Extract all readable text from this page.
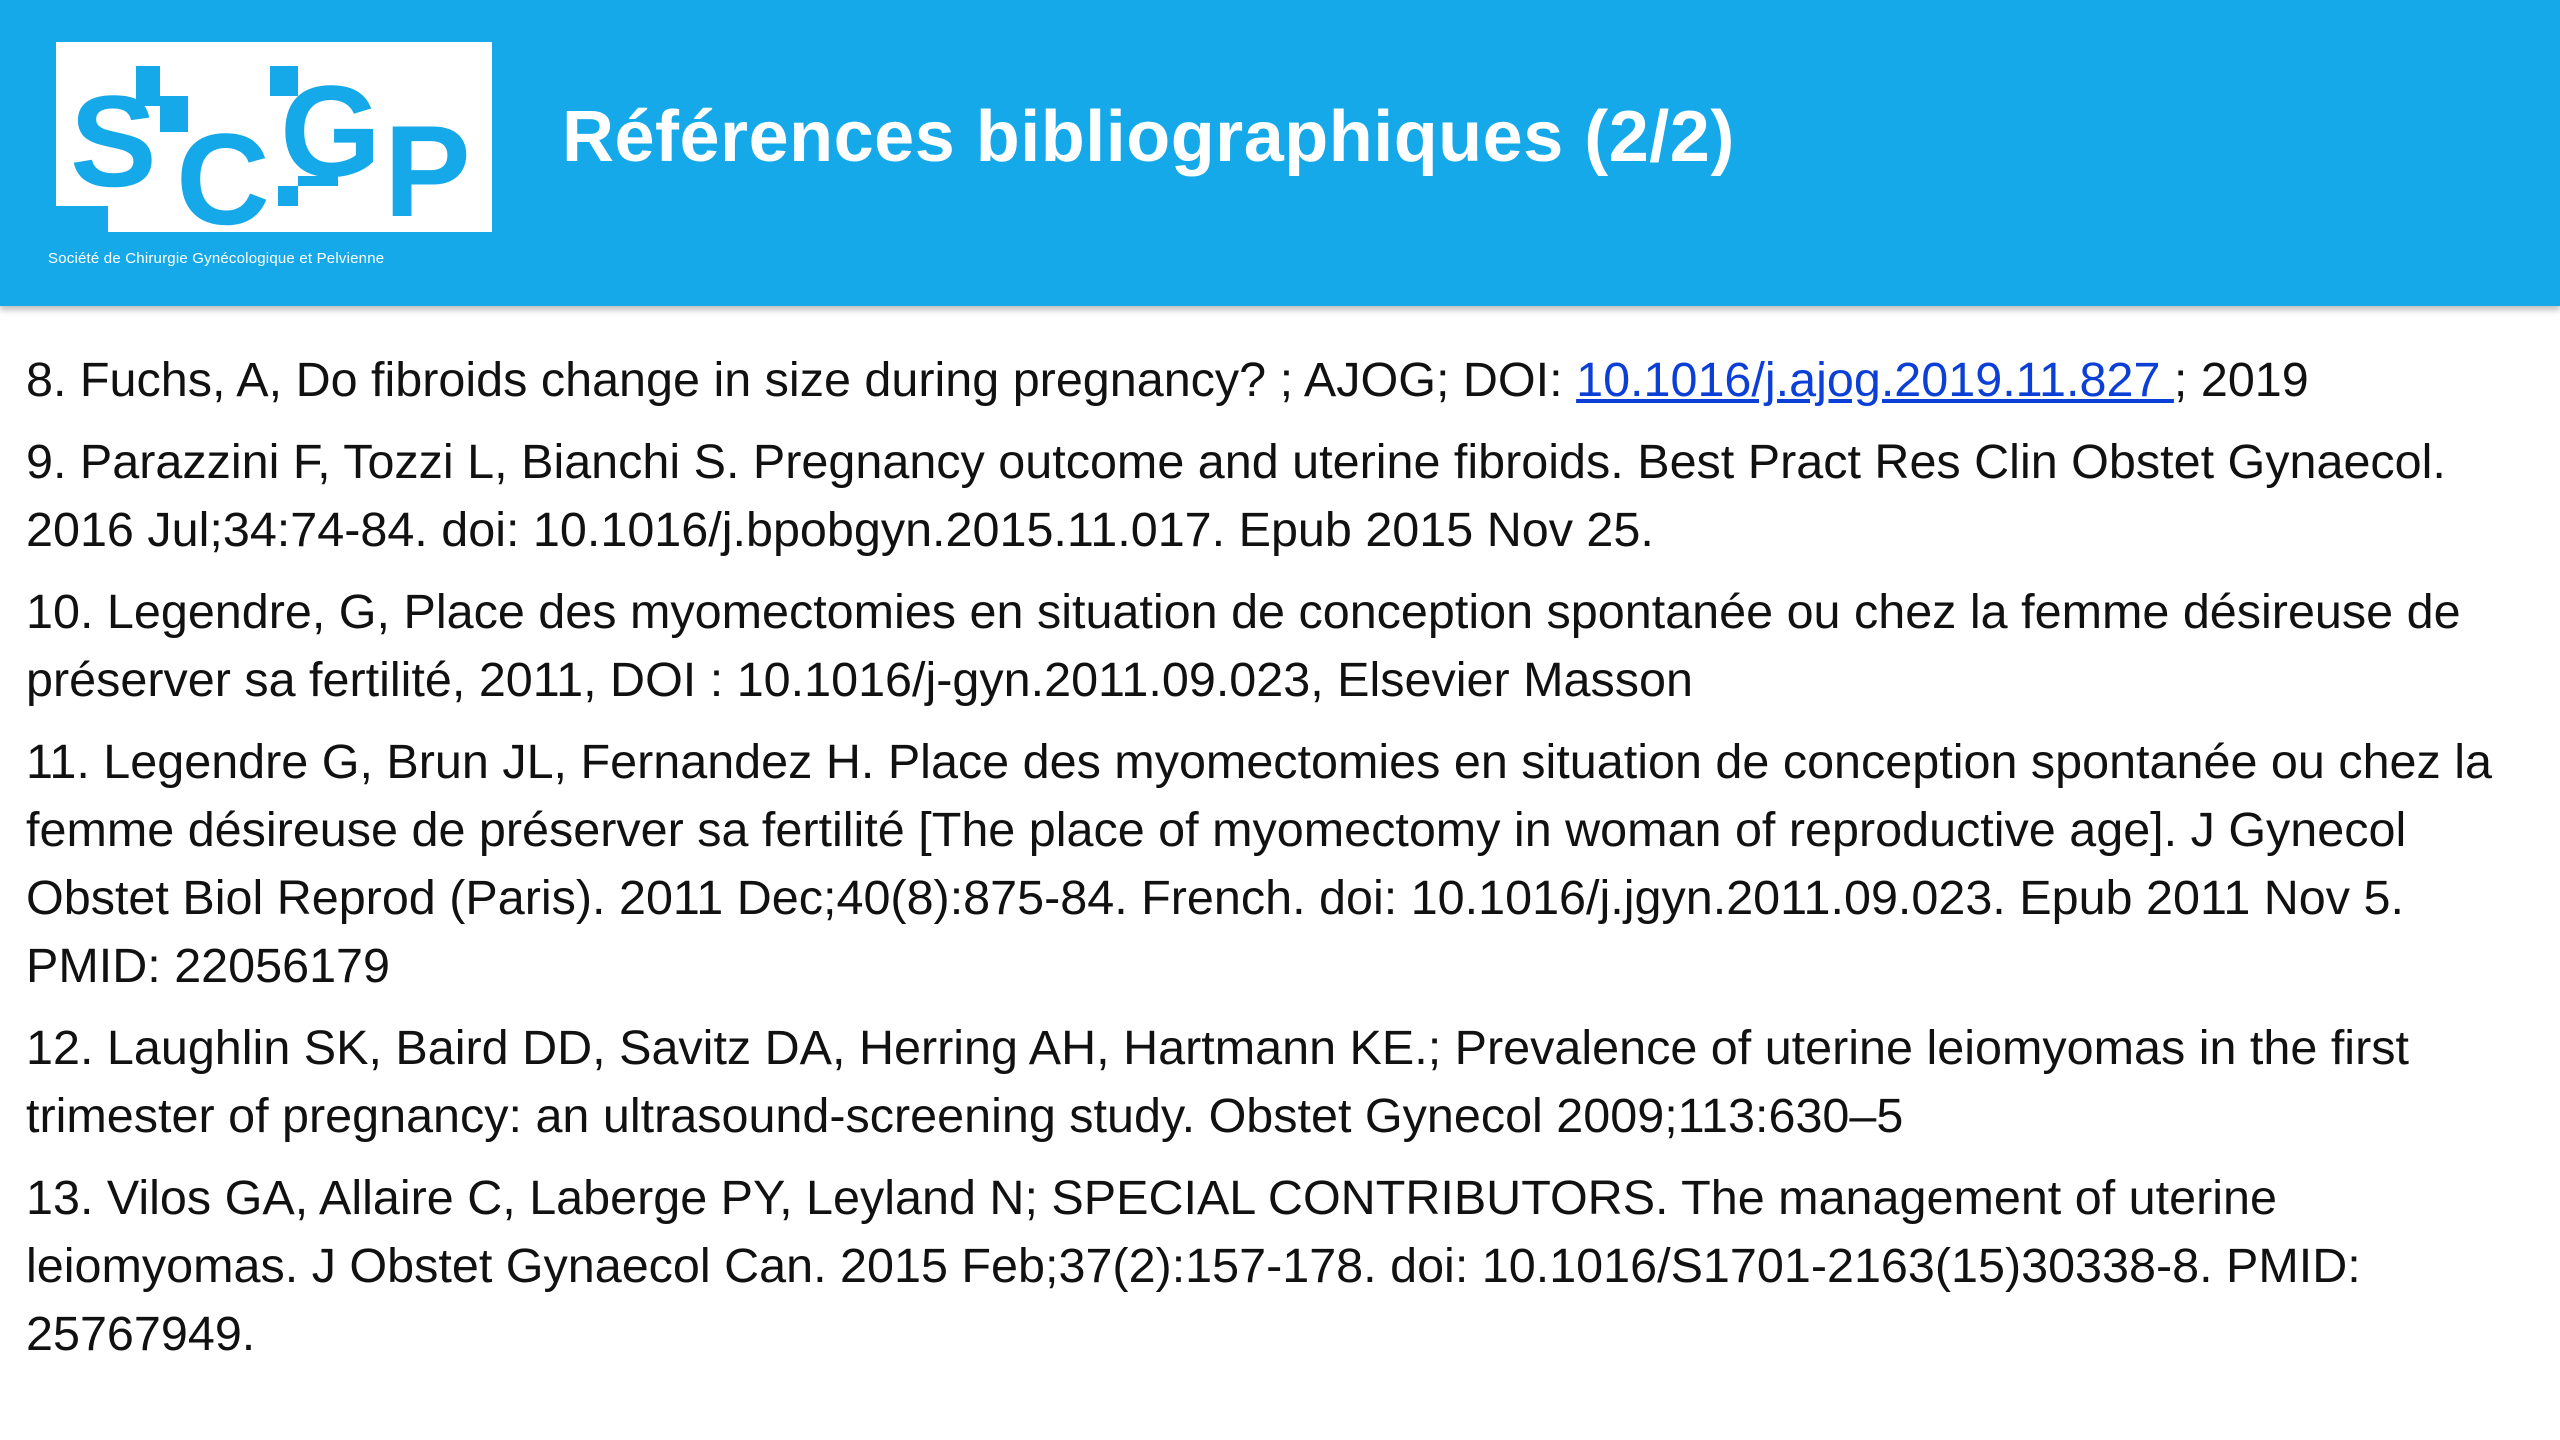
S C G P
Société de Chirurgie Gynécologique et Pelvienne
Références bibliographiques (2/2)
8. Fuchs, A, Do fibroids change in size during pregnancy? ; AJOG; DOI: 10.1016/j.ajog.2019.11.827 ; 2019
9. Parazzini F, Tozzi L, Bianchi S. Pregnancy outcome and uterine fibroids. Best Pract Res Clin Obstet Gynaecol. 2016 Jul;34:74-84. doi: 10.1016/j.bpobgyn.2015.11.017. Epub 2015 Nov 25.
10. Legendre, G, Place des myomectomies en situation de conception spontanée ou chez la femme désireuse de préserver sa fertilité, 2011, DOI : 10.1016/j-gyn.2011.09.023, Elsevier Masson
11. Legendre G, Brun JL, Fernandez H. Place des myomectomies en situation de conception spontanée ou chez la femme désireuse de préserver sa fertilité [The place of myomectomy in woman of reproductive age]. J Gynecol Obstet Biol Reprod (Paris). 2011 Dec;40(8):875-84. French. doi: 10.1016/j.jgyn.2011.09.023. Epub 2011 Nov 5. PMID: 22056179
12. Laughlin SK, Baird DD, Savitz DA, Herring AH, Hartmann KE.; Prevalence of uterine leiomyomas in the first trimester of pregnancy: an ultrasound-screening study. Obstet Gynecol 2009;113:630–5
13. Vilos GA, Allaire C, Laberge PY, Leyland N; SPECIAL CONTRIBUTORS. The management of uterine leiomyomas. J Obstet Gynaecol Can. 2015 Feb;37(2):157-178. doi: 10.1016/S1701-2163(15)30338-8. PMID: 25767949.
